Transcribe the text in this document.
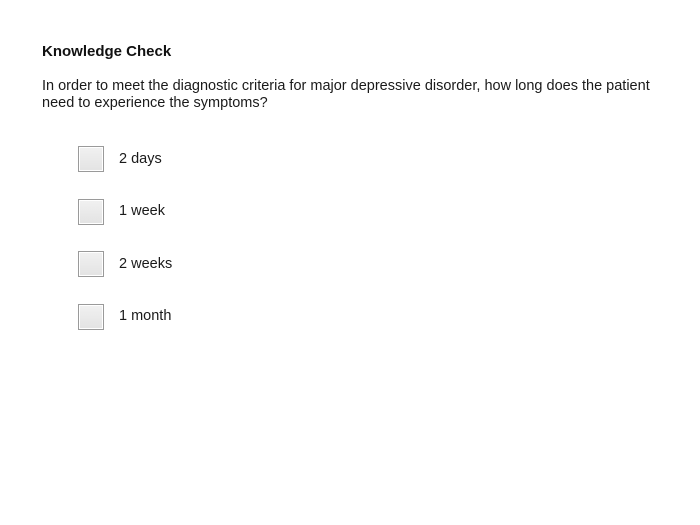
Knowledge Check

In order to meet the diagnostic criteria for major depressive disorder, how long does the patient need to experience the symptoms?

2 days
1 week
2 weeks
1 month
